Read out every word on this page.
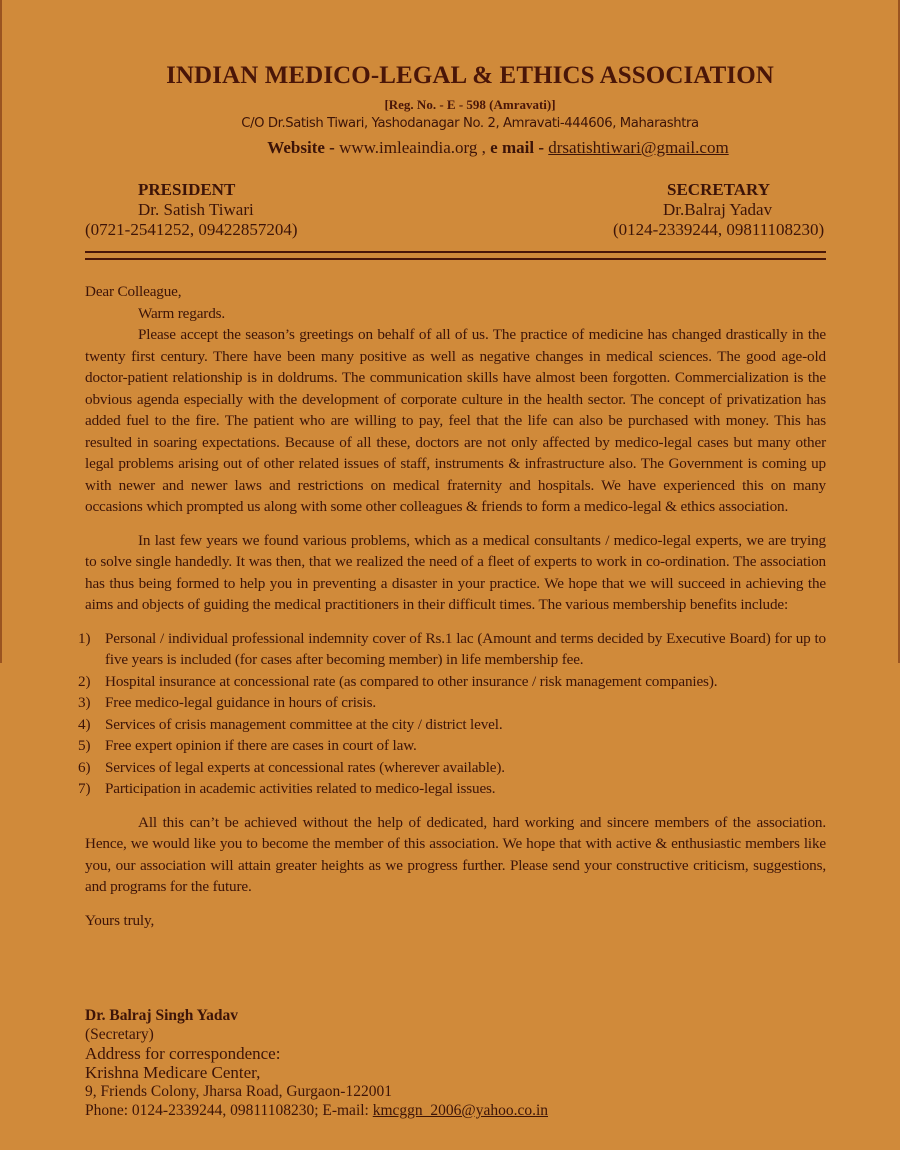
INDIAN MEDICO-LEGAL & ETHICS ASSOCIATION
[Reg. No. - E - 598 (Amravati)]
C/O Dr.Satish Tiwari, Yashodanagar No. 2, Amravati-444606, Maharashtra
Website - www.imleaindia.org , e mail - drsatishtiwari@gmail.com
PRESIDENT
Dr. Satish Tiwari
(0721-2541252, 09422857204)
SECRETARY
Dr.Balraj Yadav
(0124-2339244, 09811108230)
Dear Colleague,
Warm regards.

Please accept the season’s greetings on behalf of all of us. The practice of medicine has changed drastically in the twenty first century. There have been many positive as well as negative changes in medical sciences. The good age-old doctor-patient relationship is in doldrums. The communication skills have almost been forgotten. Commercialization is the obvious agenda especially with the development of corporate culture in the health sector. The concept of privatization has added fuel to the fire. The patient who are willing to pay, feel that the life can also be purchased with money. This has resulted in soaring expectations. Because of all these, doctors are not only affected by medico-legal cases but many other legal problems arising out of other related issues of staff, instruments & infrastructure also. The Government is coming up with newer and newer laws and restrictions on medical fraternity and hospitals. We have experienced this on many occasions which prompted us along with some other colleagues & friends to form a medico-legal & ethics association.

In last few years we found various problems, which as a medical consultants / medico-legal experts, we are trying to solve single handedly. It was then, that we realized the need of a fleet of experts to work in co-ordination. The association has thus being formed to help you in preventing a disaster in your practice. We hope that we will succeed in achieving the aims and objects of guiding the medical practitioners in their difficult times. The various membership benefits include:

1) Personal / individual professional indemnity cover of Rs.1 lac (Amount and terms decided by Executive Board) for up to five years is included (for cases after becoming member) in life membership fee.
2) Hospital insurance at concessional rate (as compared to other insurance / risk management companies).
3) Free medico-legal guidance in hours of crisis.
4) Services of crisis management committee at the city / district level.
5) Free expert opinion if there are cases in court of law.
6) Services of legal experts at concessional rates (wherever available).
7) Participation in academic activities related to medico-legal issues.

All this can’t be achieved without the help of dedicated, hard working and sincere members of the association. Hence, we would like you to become the member of this association. We hope that with active & enthusiastic members like you, our association will attain greater heights as we progress further. Please send your constructive criticism, suggestions, and programs for the future.

Yours truly,
Dr. Balraj Singh Yadav
(Secretary)
Address for correspondence:
Krishna Medicare Center,
9, Friends Colony, Jharsa Road, Gurgaon-122001
Phone: 0124-2339244, 09811108230; E-mail: kmcggn_2006@yahoo.co.in
